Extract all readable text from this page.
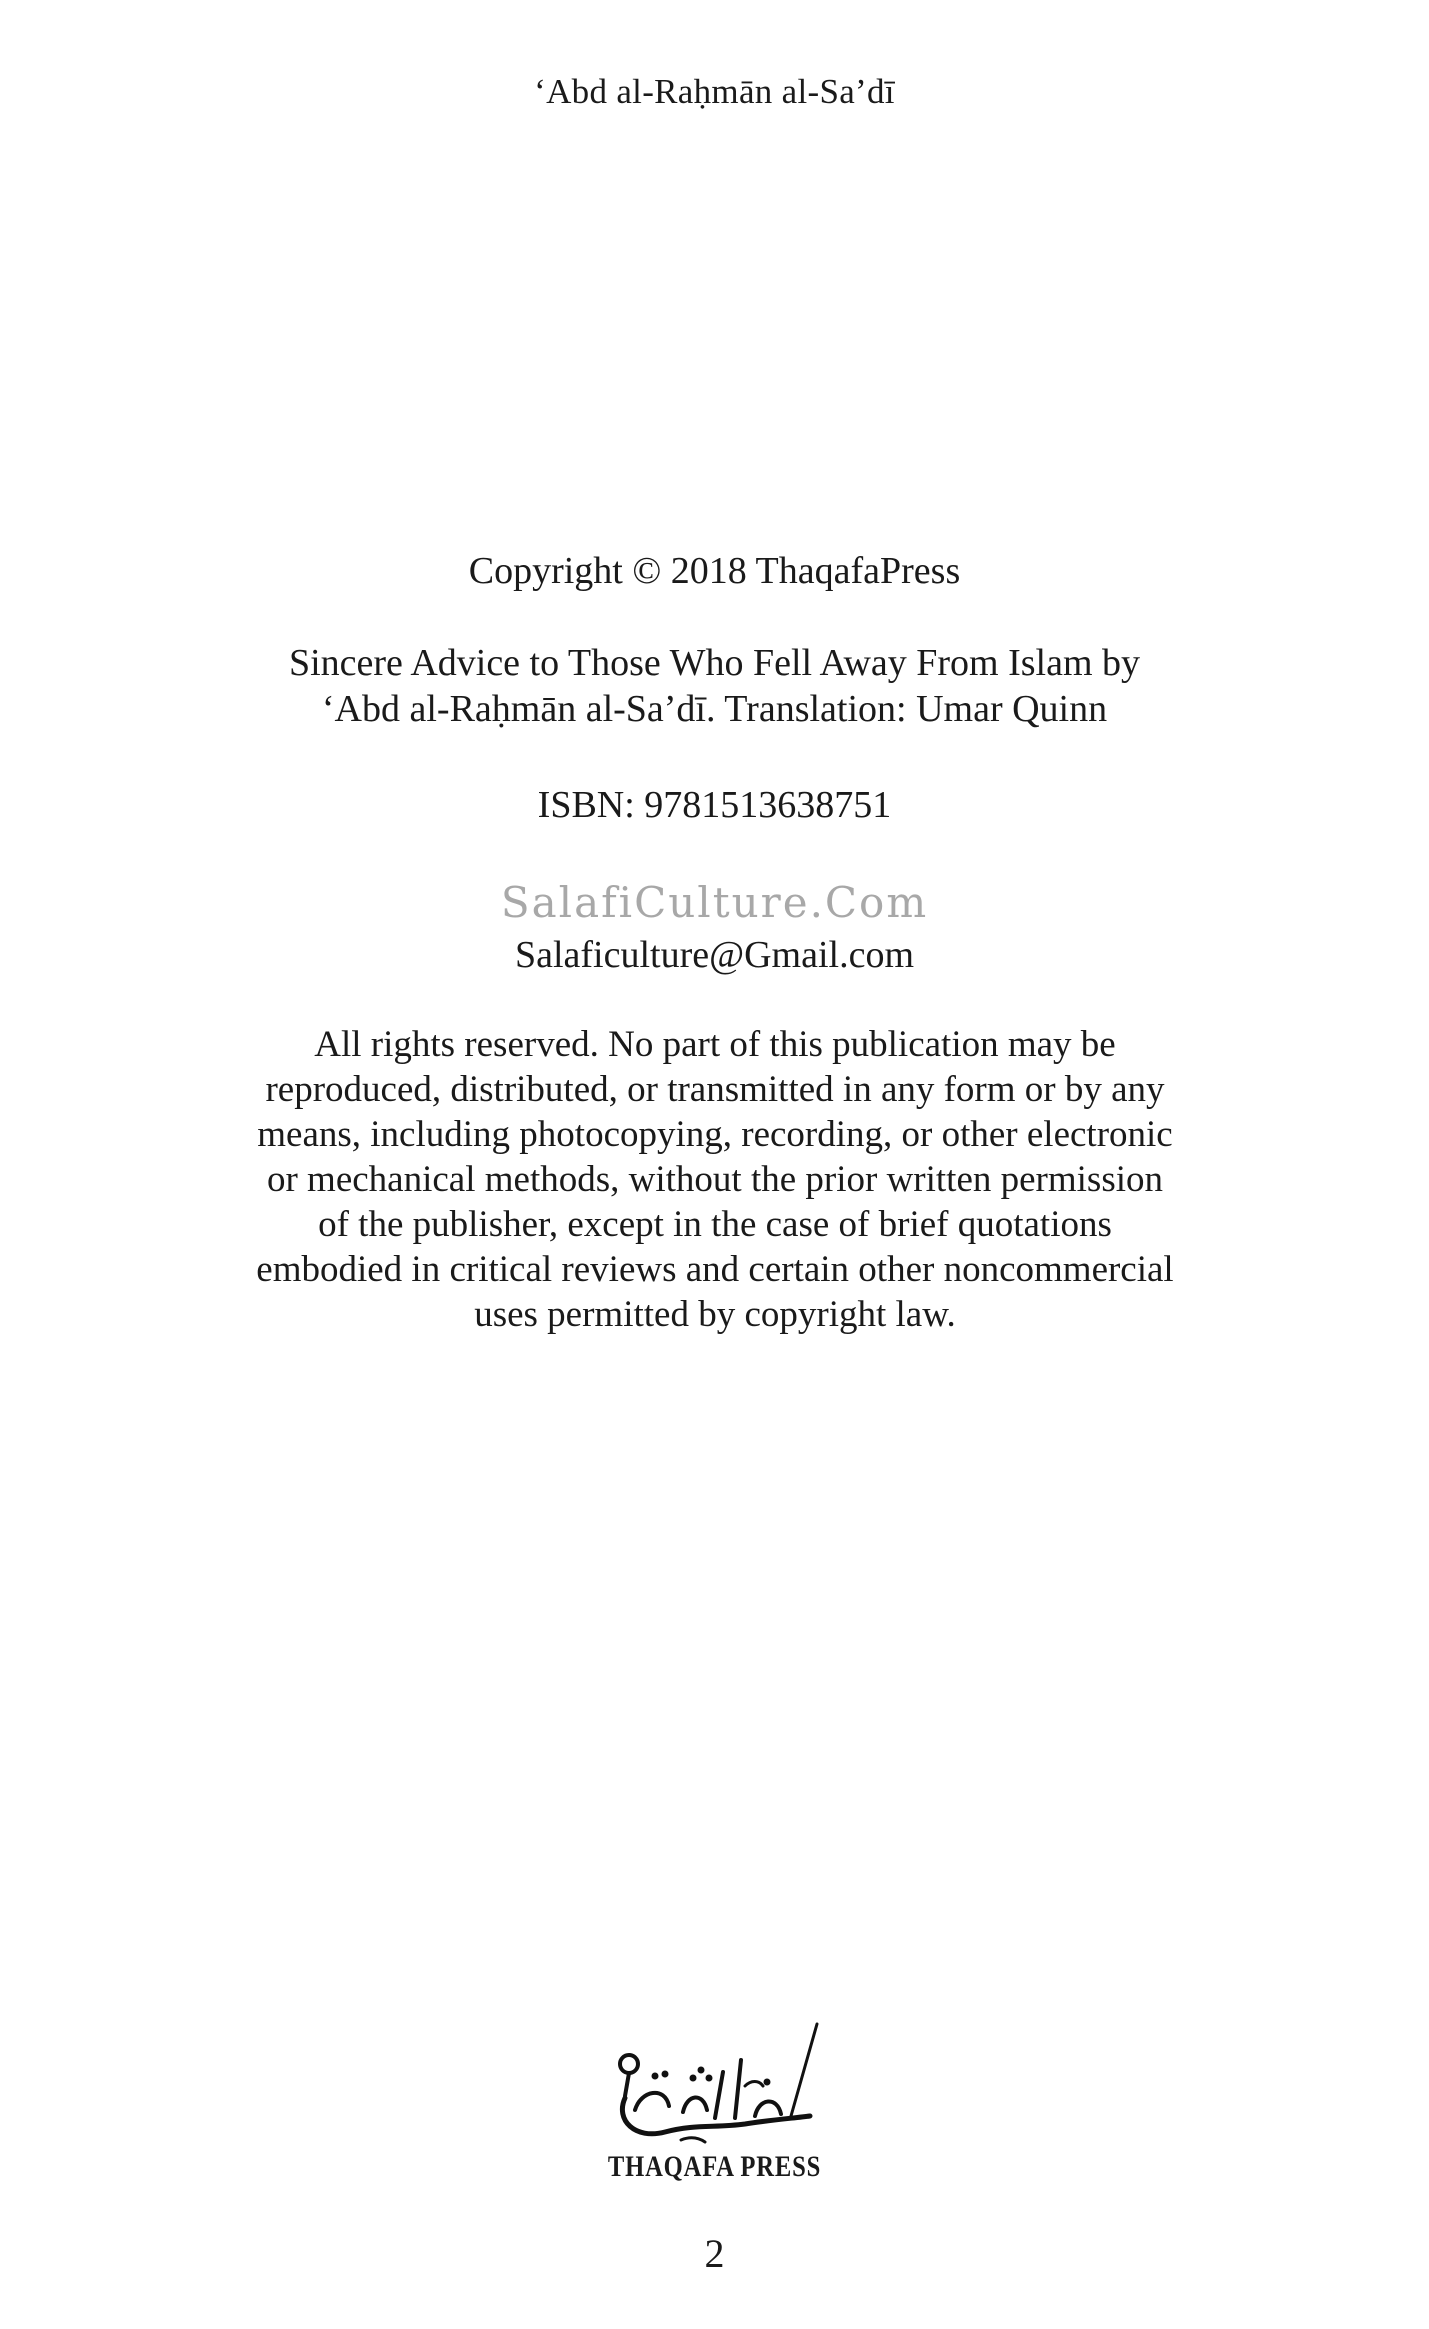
‘Abd al-Raḥmān al-Sa’dī
Copyright © 2018 ThaqafaPress
Sincere Advice to Those Who Fell Away From Islam by
‘Abd al-Raḥmān al-Sa’dī. Translation: Umar Quinn
ISBN: 9781513638751
SalafiCulture.Com
Salaficulture@Gmail.com
All rights reserved. No part of this publication may be
reproduced, distributed, or transmitted in any form or by any
means, including photocopying, recording, or other electronic
or mechanical methods, without the prior written permission
of the publisher, except in the case of brief quotations
embodied in critical reviews and certain other noncommercial
uses permitted by copyright law.
THAQAFA PRESS
2
